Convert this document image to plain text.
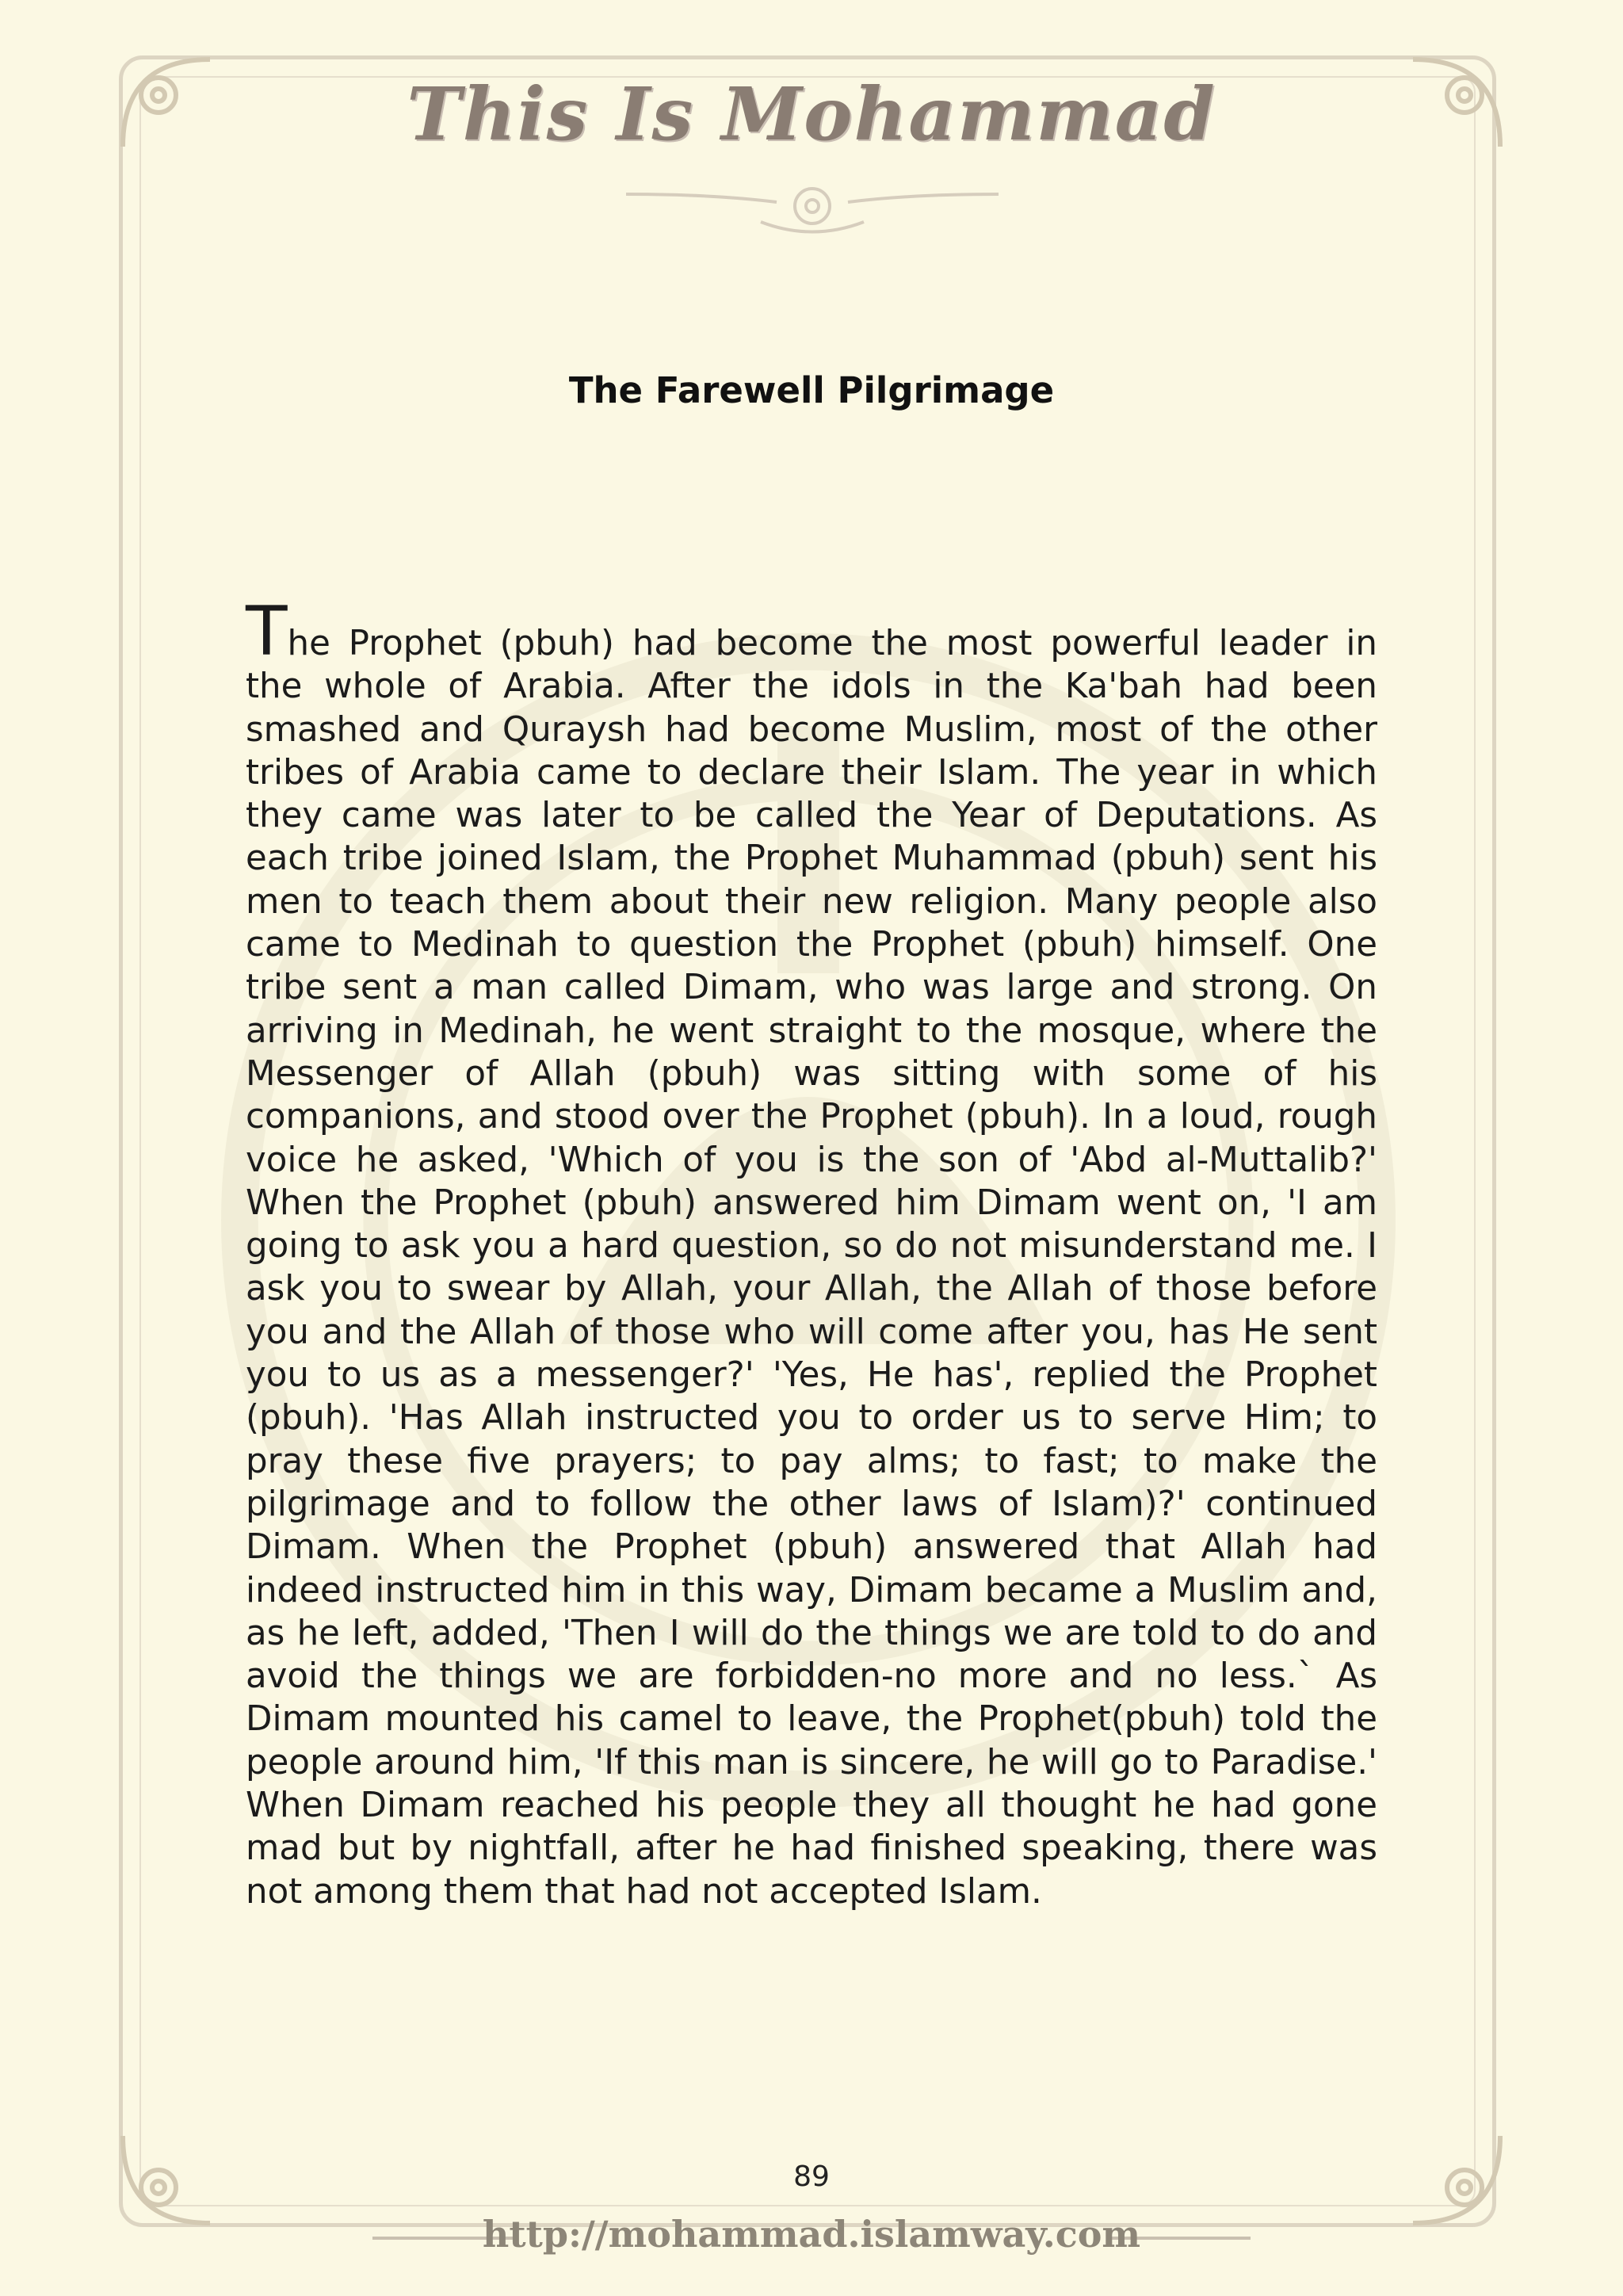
This Is Mohammad
The Farewell Pilgrimage

The Prophet (pbuh) had become the most powerful leader in the whole of Arabia. After the idols in the Ka'bah had been smashed and Quraysh had become Muslim, most of the other tribes of Arabia came to declare their Islam. The year in which they came was later to be called the Year of Deputations. As each tribe joined Islam, the Prophet Muhammad (pbuh) sent his men to teach them about their new religion. Many people also came to Medinah to question the Prophet (pbuh) himself. One tribe sent a man called Dimam, who was large and strong. On arriving in Medinah, he went straight to the mosque, where the Messenger of Allah (pbuh) was sitting with some of his companions, and stood over the Prophet (pbuh). In a loud, rough voice he asked, 'Which of you is the son of 'Abd al-Muttalib?' When the Prophet (pbuh) answered him Dimam went on, 'I am going to ask you a hard question, so do not misunderstand me. I ask you to swear by Allah, your Allah, the Allah of those before you and the Allah of those who will come after you, has He sent you to us as a messenger?' 'Yes, He has', replied the Prophet (pbuh). 'Has Allah instructed you to order us to serve Him; to pray these five prayers; to pay alms; to fast; to make the pilgrimage and to follow the other laws of Islam)?' continued Dimam. When the Prophet (pbuh) answered that Allah had indeed instructed him in this way, Dimam became a Muslim and, as he left, added, 'Then I will do the things we are told to do and avoid the things we are forbidden-no more and no less.` As Dimam mounted his camel to leave, the Prophet(pbuh) told the people around him, 'If this man is sincere, he will go to Paradise.' When Dimam reached his people they all thought he had gone mad but by nightfall, after he had finished speaking, there was not among them that had not accepted Islam.

89
http://mohammad.islamway.com
